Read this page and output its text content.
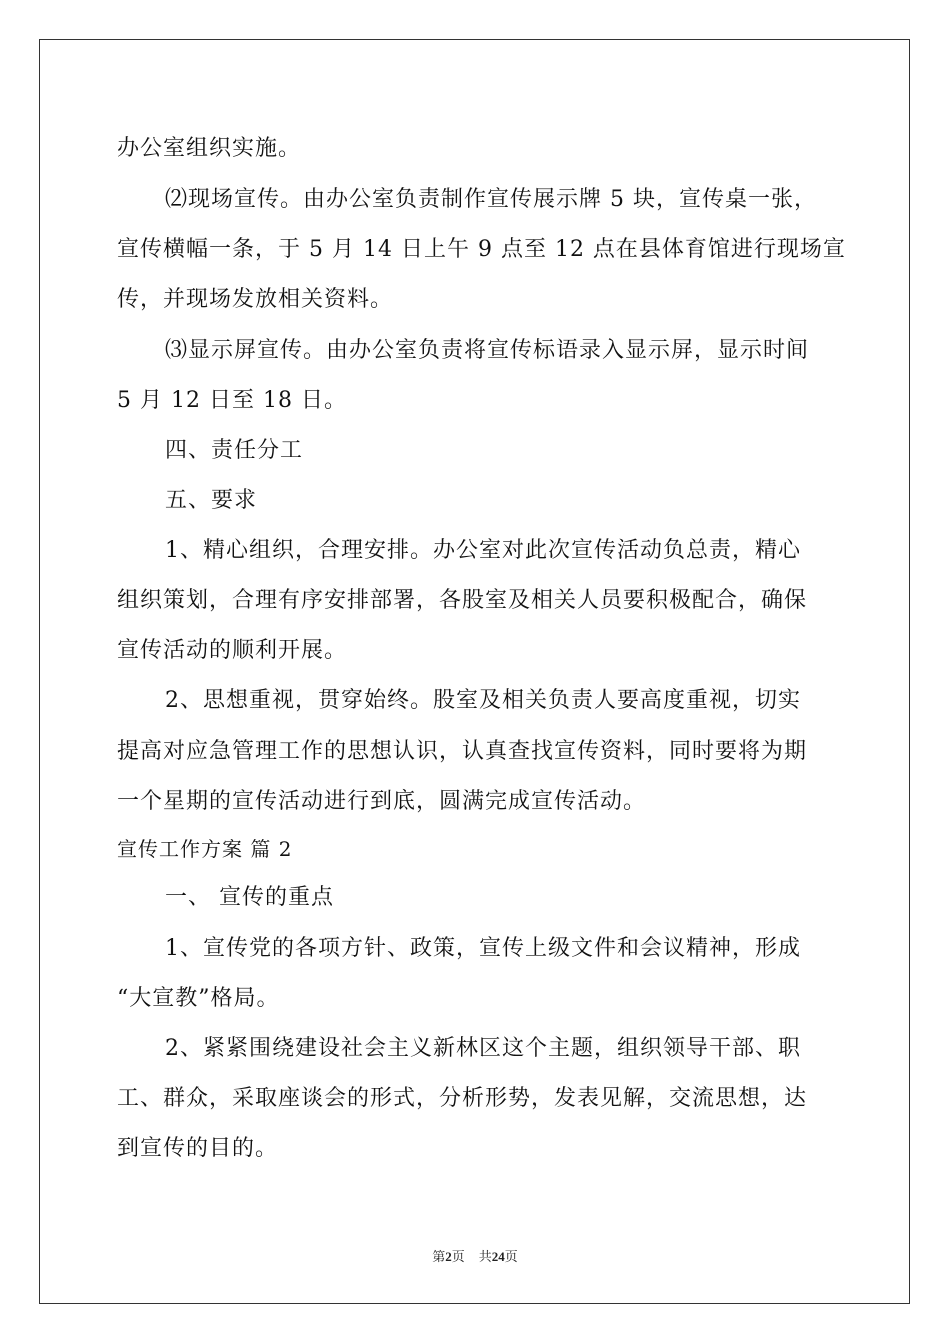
办公室组织实施。
⑵现场宣传。由办公室负责制作宣传展示牌 5 块，宣传桌一张，
宣传横幅一条，于 5 月 14 日上午 9 点至 12 点在县体育馆进行现场宣
传，并现场发放相关资料。
⑶显示屏宣传。由办公室负责将宣传标语录入显示屏，显示时间
5 月 12 日至 18 日。
四、责任分工
五、要求
1、精心组织，合理安排。办公室对此次宣传活动负总责，精心
组织策划，合理有序安排部署，各股室及相关人员要积极配合，确保
宣传活动的顺利开展。
2、思想重视，贯穿始终。股室及相关负责人要高度重视，切实
提高对应急管理工作的思想认识，认真查找宣传资料，同时要将为期
一个星期的宣传活动进行到底，圆满完成宣传活动。
宣传工作方案 篇 2
一、 宣传的重点
1、宣传党的各项方针、政策，宣传上级文件和会议精神，形成
“大宣教”格局。
2、紧紧围绕建设社会主义新林区这个主题，组织领导干部、职
工、群众，采取座谈会的形式，分析形势，发表见解，交流思想，达
到宣传的目的。
第2页 共24页
